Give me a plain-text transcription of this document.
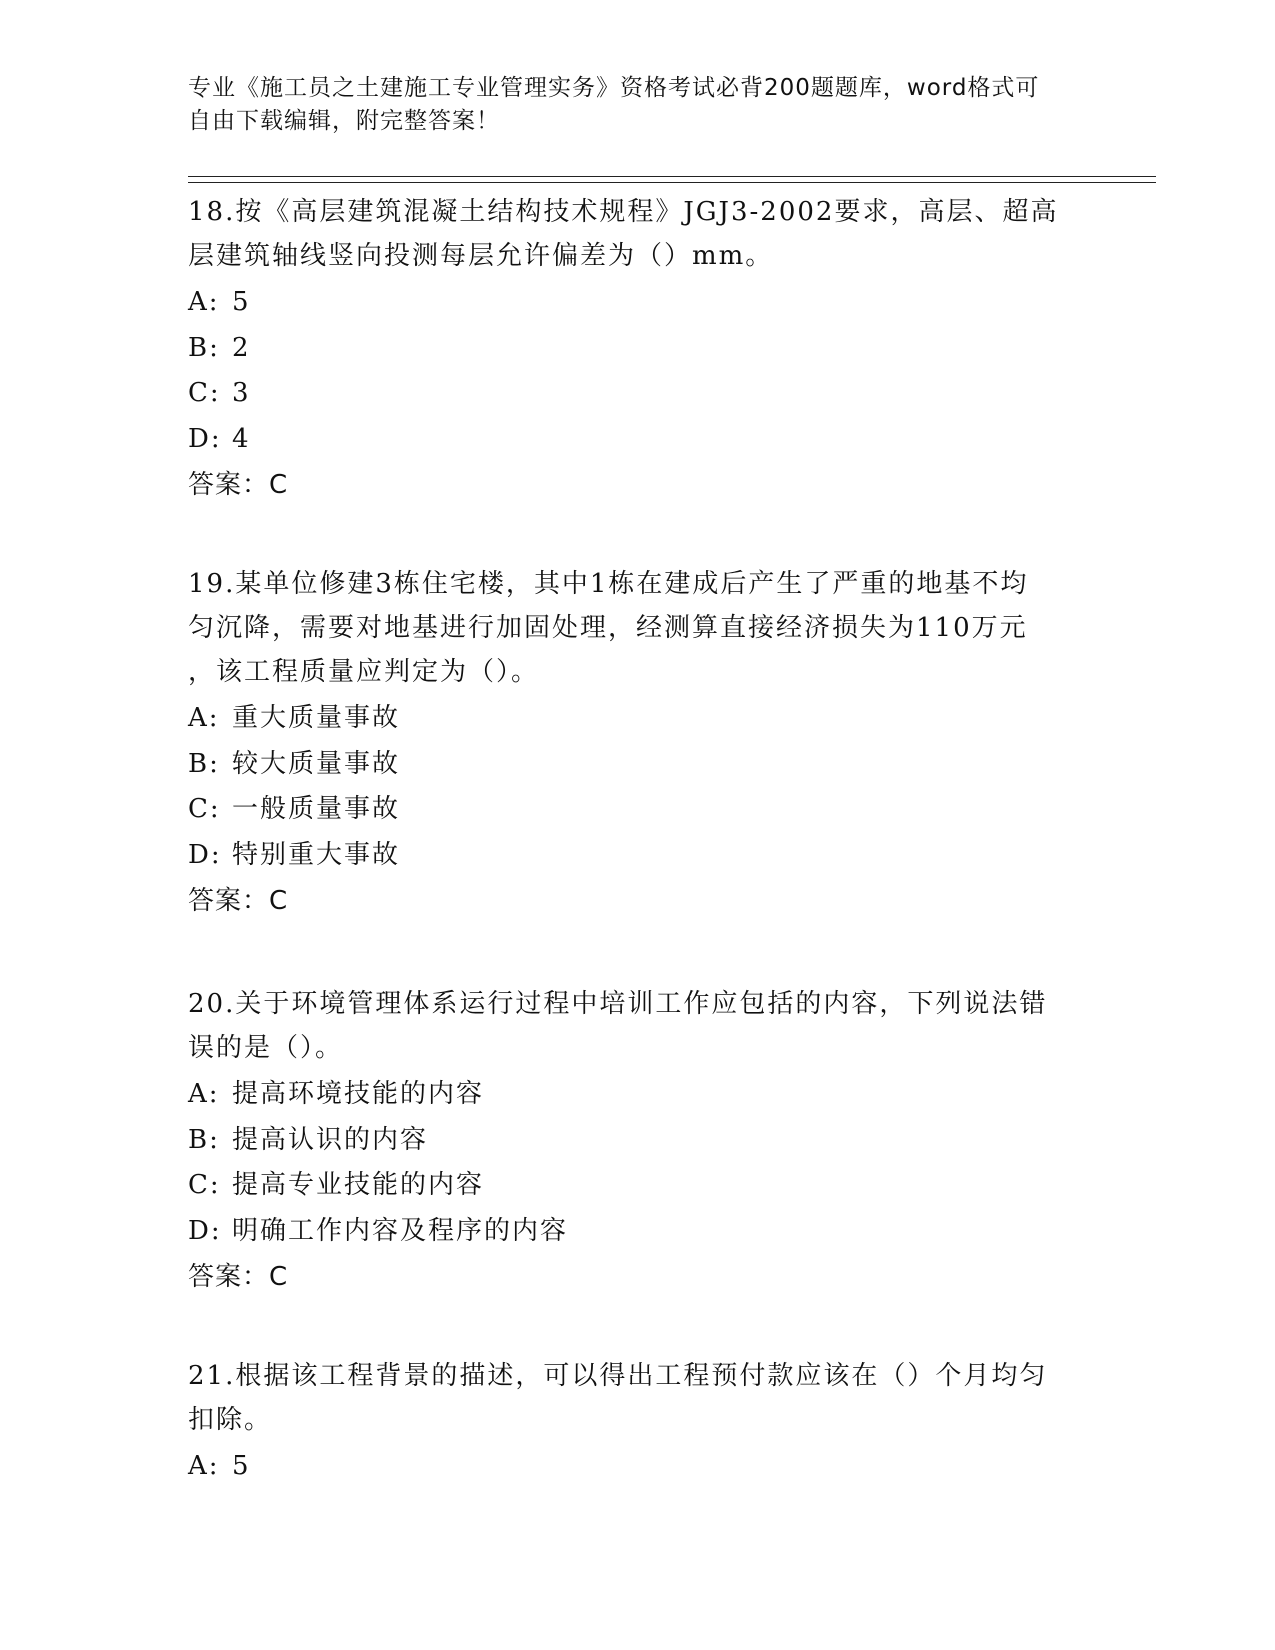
专业《施工员之土建施工专业管理实务》资格考试必背200题题库，word格式可
自由下载编辑，附完整答案！
18.按《高层建筑混凝土结构技术规程》JGJ3-2002要求，高层、超高
层建筑轴线竖向投测每层允许偏差为（）mm。
A: 5
B: 2
C: 3
D: 4
答案：C
19.某单位修建3栋住宅楼，其中1栋在建成后产生了严重的地基不均
匀沉降，需要对地基进行加固处理，经测算直接经济损失为110万元
，该工程质量应判定为（）。
A: 重大质量事故
B: 较大质量事故
C: 一般质量事故
D: 特别重大事故
答案：C
20.关于环境管理体系运行过程中培训工作应包括的内容，下列说法错
误的是（）。
A: 提高环境技能的内容
B: 提高认识的内容
C: 提高专业技能的内容
D: 明确工作内容及程序的内容
答案：C
21.根据该工程背景的描述，可以得出工程预付款应该在（）个月均匀
扣除。
A: 5
